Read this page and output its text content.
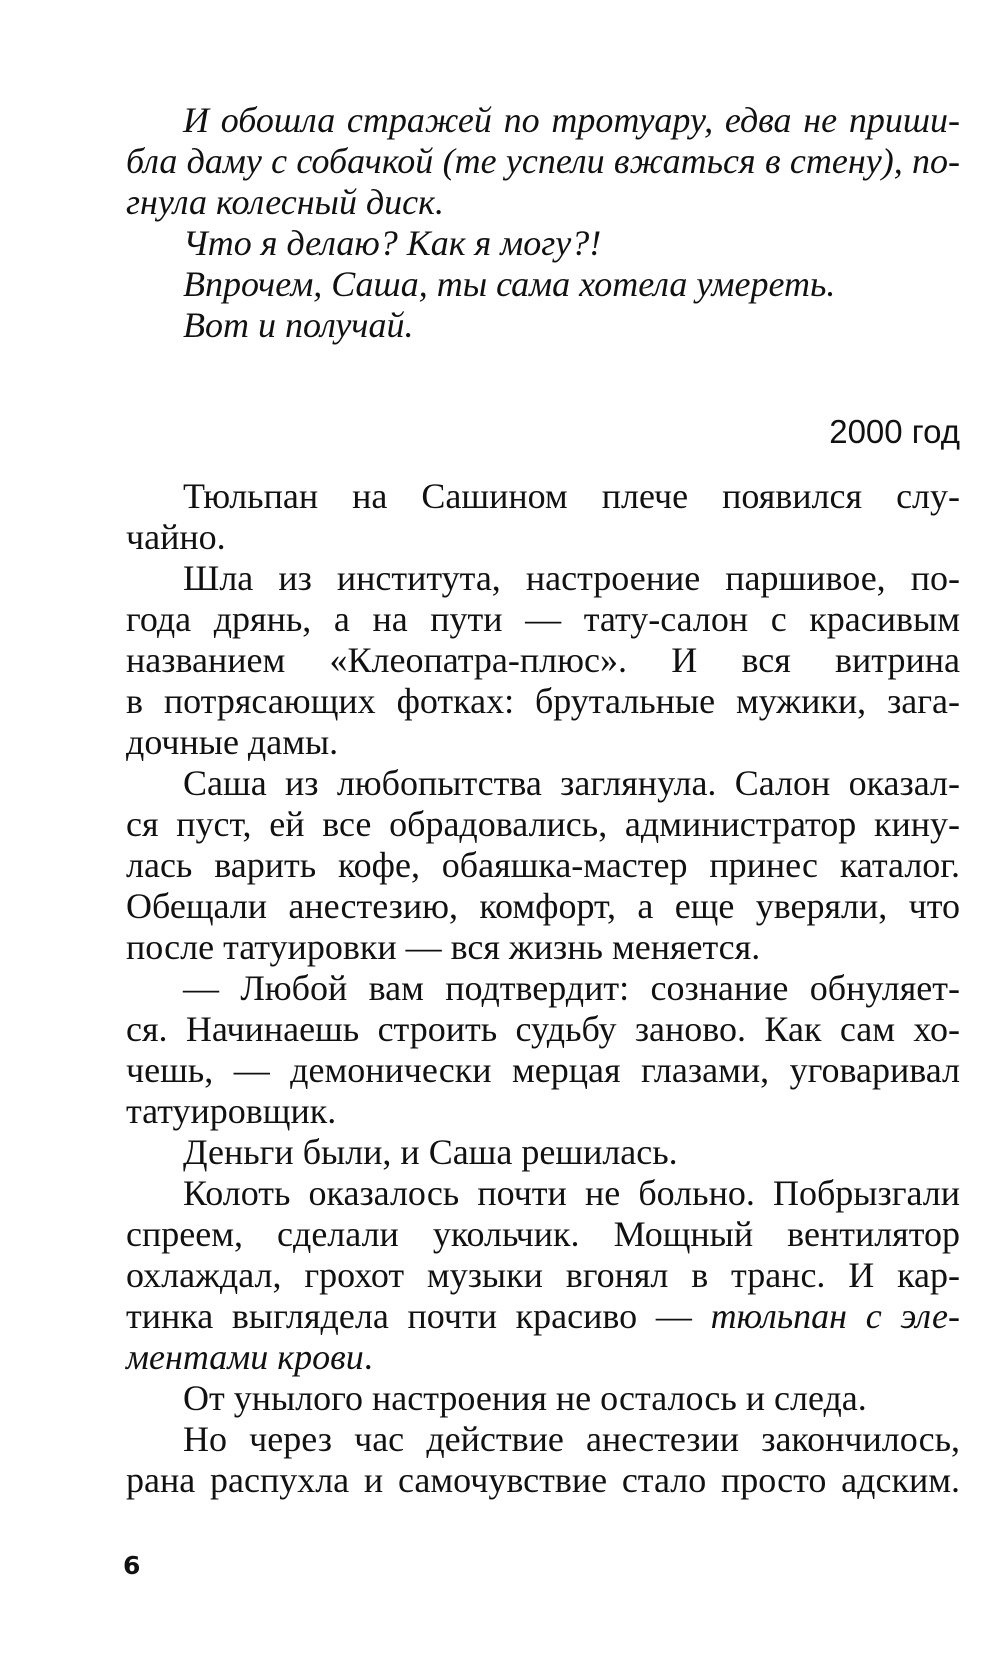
И обошла стражей по тротуару, едва не приши-
бла даму с собачкой (те успели вжаться в стену), по-
гнула колесный диск.
Что я делаю? Как я могу?!
Впрочем, Саша, ты сама хотела умереть.
Вот и получай.
2000 год
Тюльпан на Сашином плече появился слу-
чайно.
Шла из института, настроение паршивое, по-
года дрянь, а на пути — тату-салон с красивым
названием «Клеопатра-плюс». И вся витрина
в потрясающих фотках: брутальные мужики, зага-
дочные дамы.
Саша из любопытства заглянула. Салон оказал-
ся пуст, ей все обрадовались, администратор кину-
лась варить кофе, обаяшка-мастер принес каталог.
Обещали анестезию, комфорт, а еще уверяли, что
после татуировки — вся жизнь меняется.
— Любой вам подтвердит: сознание обнуляет-
ся. Начинаешь строить судьбу заново. Как сам хо-
чешь, — демонически мерцая глазами, уговаривал
татуировщик.
Деньги были, и Саша решилась.
Колоть оказалось почти не больно. Побрызгали
спреем, сделали укольчик. Мощный вентилятор
охлаждал, грохот музыки вгонял в транс. И кар-
тинка выглядела почти красиво — тюльпан с эле-
ментами крови.
От унылого настроения не осталось и следа.
Но через час действие анестезии закончилось,
рана распухла и самочувствие стало просто адским.
6
